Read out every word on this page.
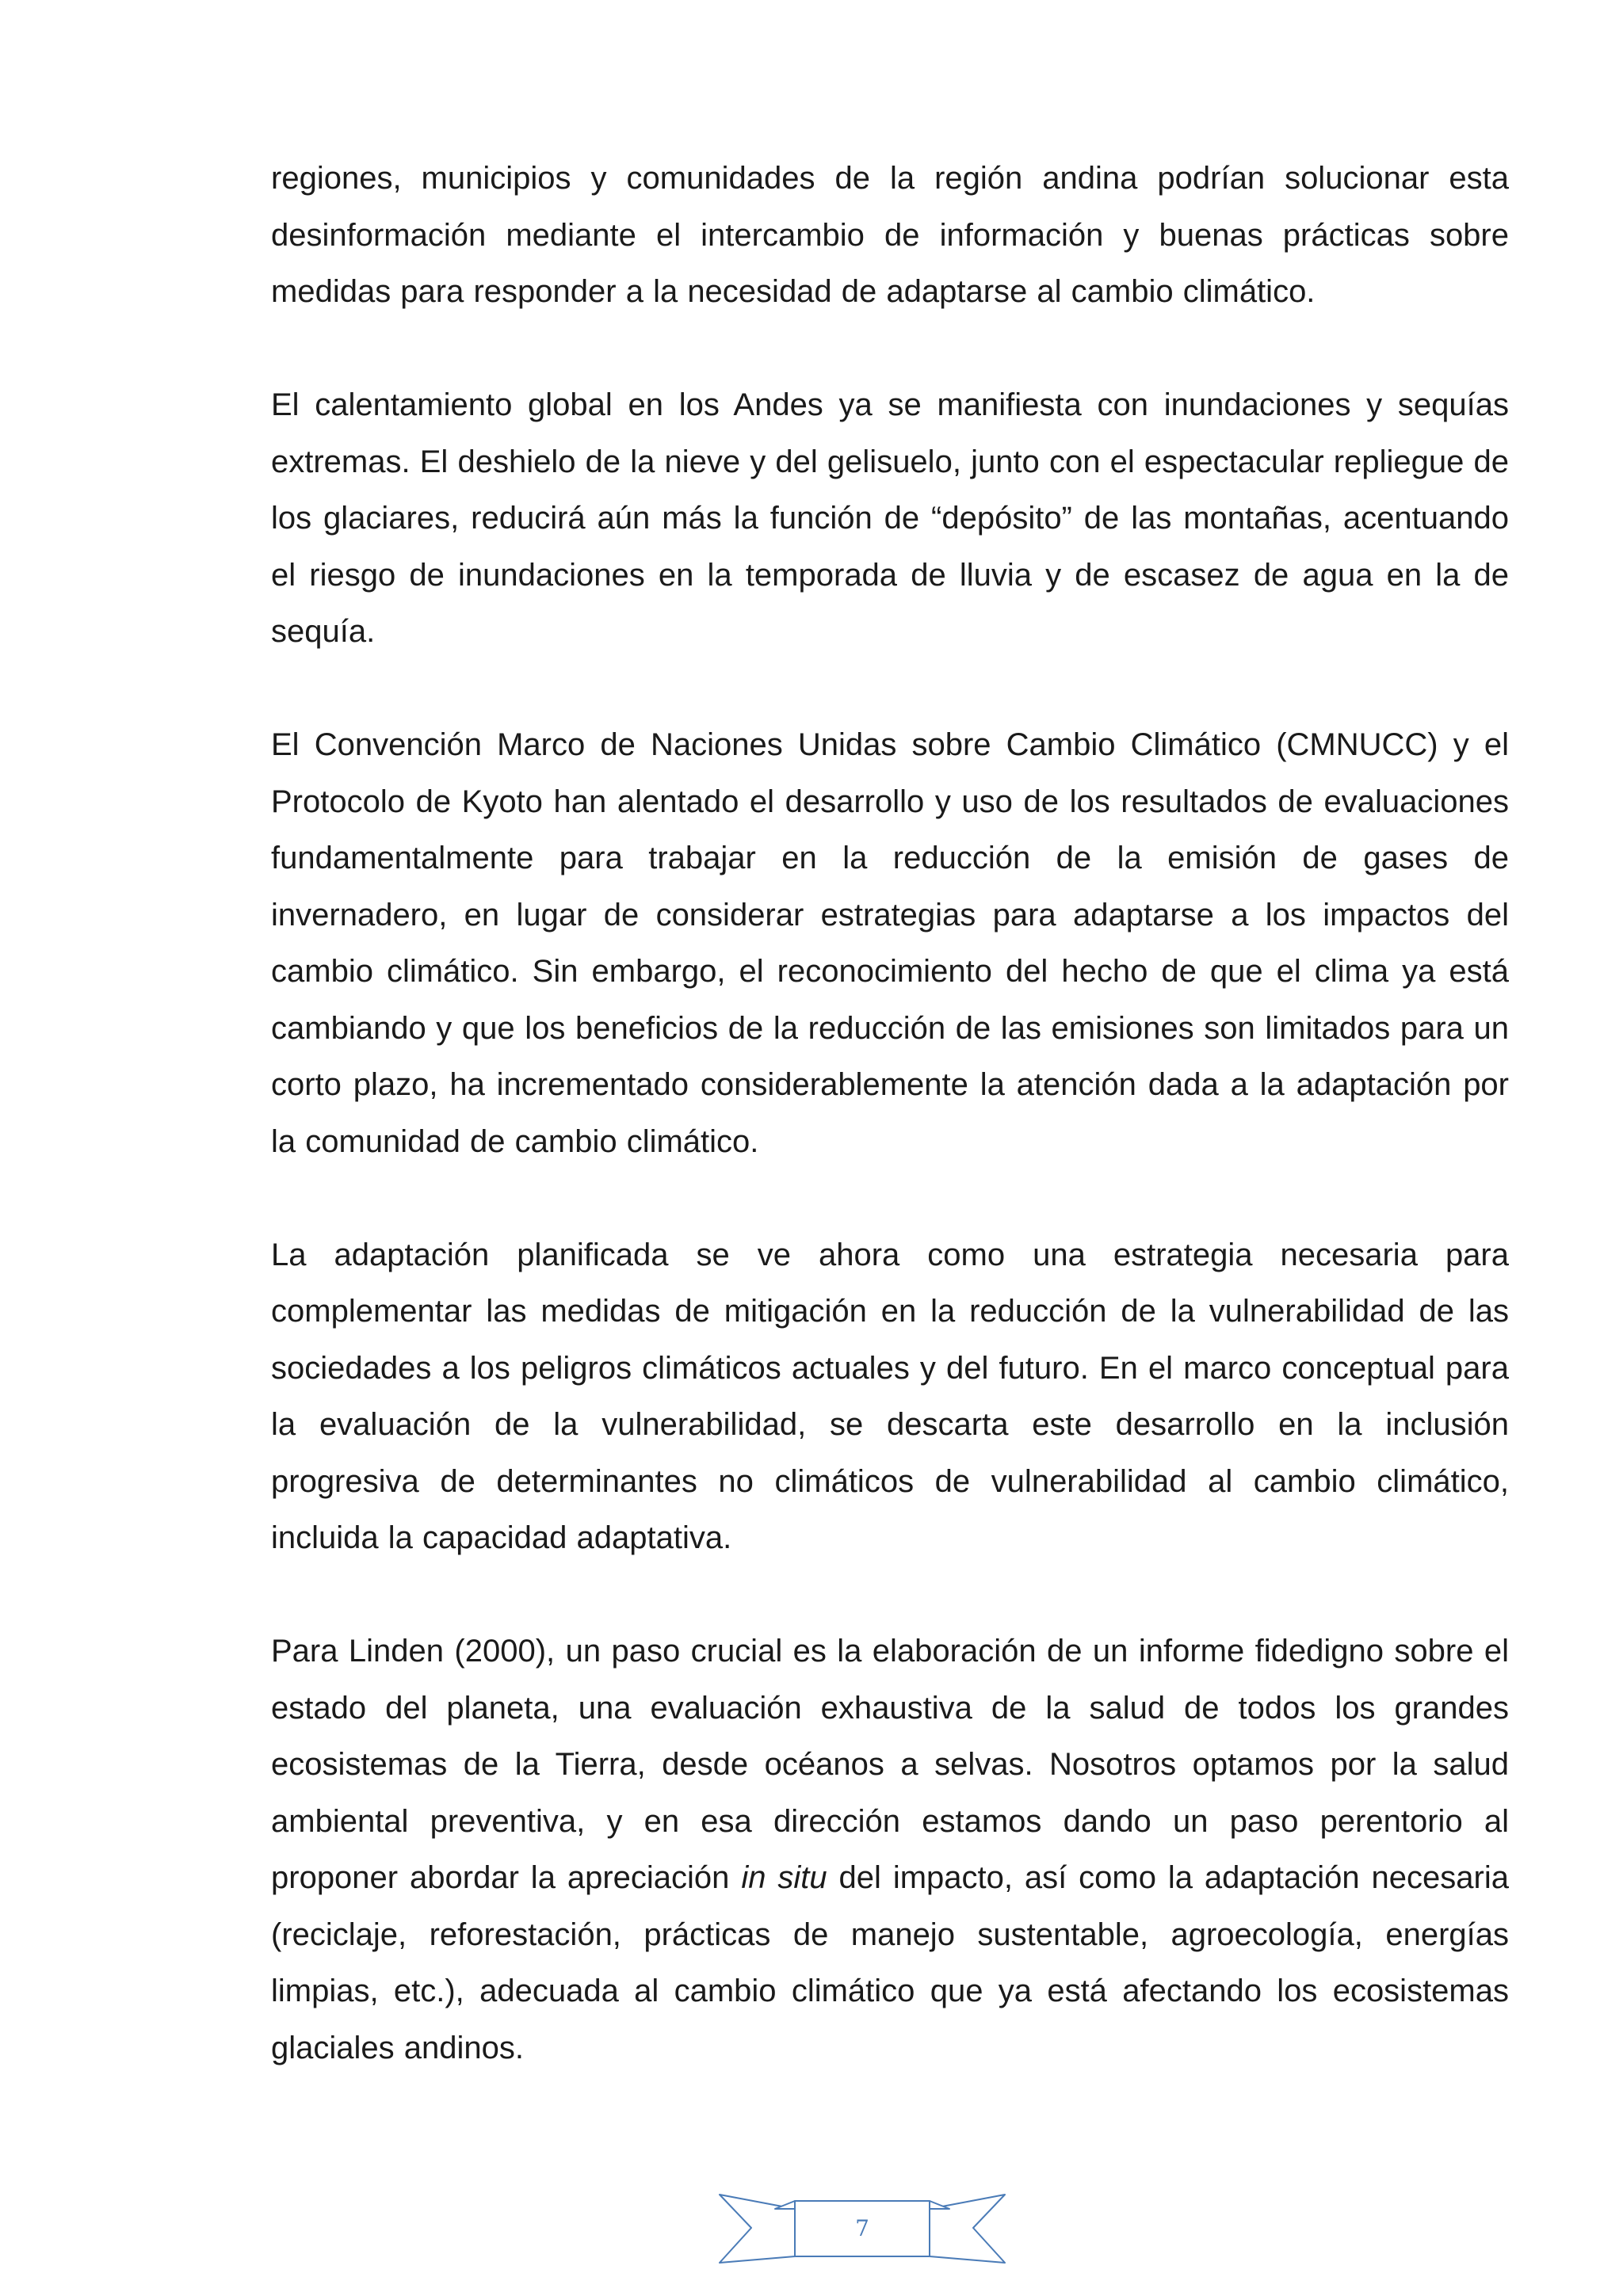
regiones, municipios y comunidades de la región andina podrían solucionar esta desinformación mediante el intercambio de información y buenas prácticas sobre medidas para responder a la necesidad de adaptarse al cambio climático.

El calentamiento global en los Andes ya se manifiesta con inundaciones y sequías extremas. El deshielo de la nieve y del gelisuelo, junto con el espectacular repliegue de los glaciares, reducirá aún más la función de “depósito” de las montañas, acentuando el riesgo de inundaciones en la temporada de lluvia y de escasez de agua en la de sequía.

El Convención Marco de Naciones Unidas sobre Cambio Climático (CMNUCC) y el Protocolo de Kyoto han alentado el desarrollo y uso de los resultados de evaluaciones fundamentalmente para trabajar en la reducción de la emisión de gases de invernadero, en lugar de considerar estrategias para adaptarse a los impactos del cambio climático. Sin embargo, el reconocimiento del hecho de que el clima ya está cambiando y que los beneficios de la reducción de las emisiones son limitados para un corto plazo, ha incrementado considerablemente la atención dada a la adaptación por la comunidad de cambio climático.

La adaptación planificada se ve ahora como una estrategia necesaria para complementar las medidas de mitigación en la reducción de la vulnerabilidad de las sociedades a los peligros climáticos actuales y del futuro. En el marco conceptual para la evaluación de la vulnerabilidad, se descarta este desarrollo en la inclusión progresiva de determinantes no climáticos de vulnerabilidad al cambio climático, incluida la capacidad adaptativa.

Para Linden (2000), un paso crucial es la elaboración de un informe fidedigno sobre el estado del planeta, una evaluación exhaustiva de la salud de todos los grandes ecosistemas de la Tierra, desde océanos a selvas. Nosotros optamos por la salud ambiental preventiva, y en esa dirección estamos dando un paso perentorio al proponer abordar la apreciación in situ del impacto, así como la adaptación necesaria (reciclaje, reforestación, prácticas de manejo sustentable, agroecología, energías limpias, etc.), adecuada al cambio climático que ya está afectando los ecosistemas glaciales andinos.

7
